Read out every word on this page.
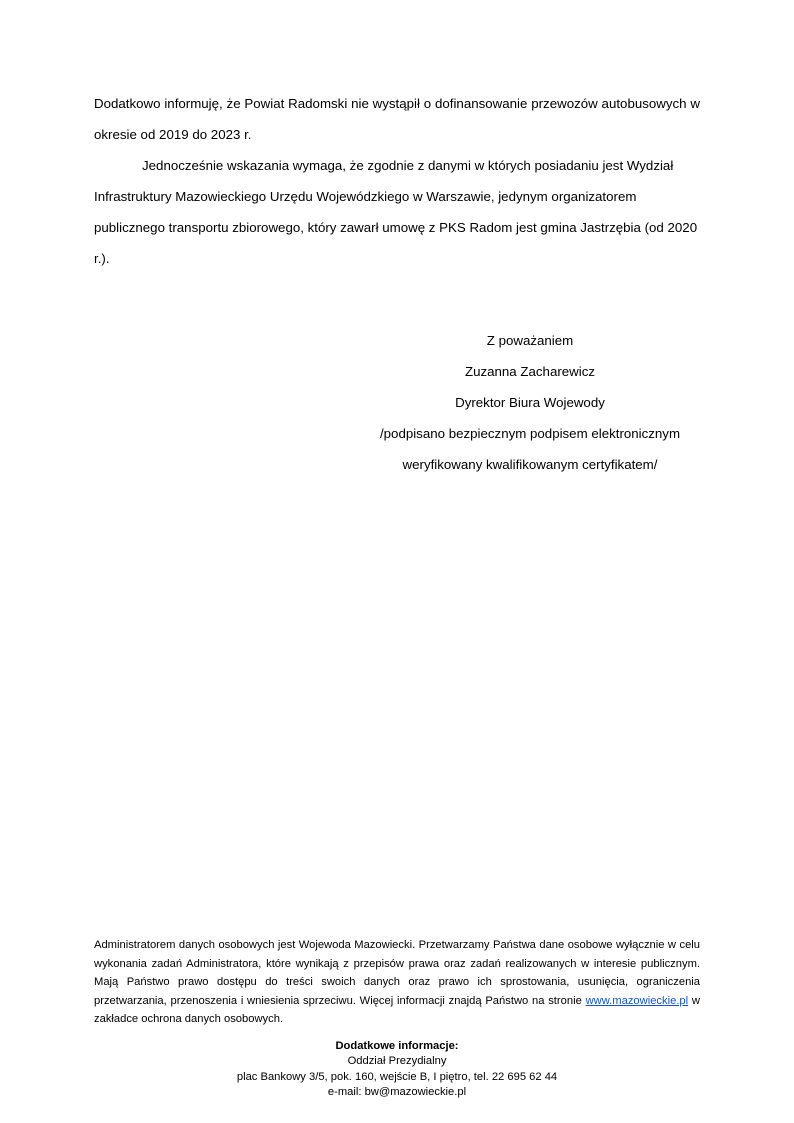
Dodatkowo informuję, że Powiat Radomski nie wystąpił o dofinansowanie przewozów autobusowych w okresie od 2019 do 2023 r.

Jednocześnie wskazania wymaga, że zgodnie z danymi w których posiadaniu jest Wydział Infrastruktury Mazowieckiego Urzędu Wojewódzkiego w Warszawie, jedynym organizatorem publicznego transportu zbiorowego, który zawarł umowę z PKS Radom jest gmina Jastrzębia (od 2020 r.).

Z poważaniem
Zuzanna Zacharewicz
Dyrektor Biura Wojewody
/podpisano bezpiecznym podpisem elektronicznym
weryfikowany kwalifikowanym certyfikatem/

Administratorem danych osobowych jest Wojewoda Mazowiecki. Przetwarzamy Państwa dane osobowe wyłącznie w celu wykonania zadań Administratora, które wynikają z przepisów prawa oraz zadań realizowanych w interesie publicznym. Mają Państwo prawo dostępu do treści swoich danych oraz prawo ich sprostowania, usunięcia, ograniczenia przetwarzania, przenoszenia i wniesienia sprzeciwu. Więcej informacji znajdą Państwo na stronie www.mazowieckie.pl w zakładce ochrona danych osobowych.

Dodatkowe informacje:
Oddział Prezydialny
plac Bankowy 3/5, pok. 160, wejście B, I piętro, tel. 22 695 62 44
e-mail: bw@mazowieckie.pl
